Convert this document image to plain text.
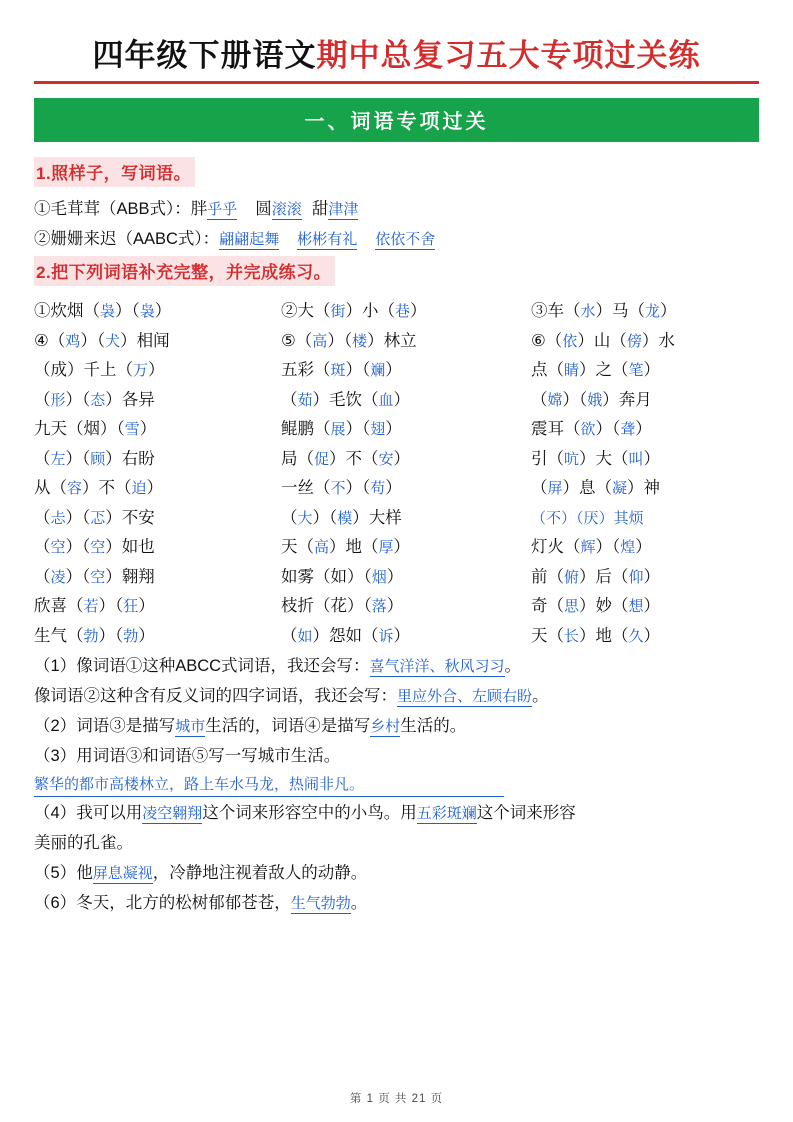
四年级下册语文期中总复习五大专项过关练
一、词语专项过关
1.照样子，写词语。
①毛茸茸（ABB式）：胖乎乎 圆滚滚 甜津津
②姗姗来迟（AABC式）：翩翩起舞 彬彬有礼 依依不舍
2.把下列词语补充完整，并完成练习。
①炊烟（袅）（袅）	②大（街）小（巷）	③车（水）马（龙）
④（鸡）（犬）相闻	⑤（高）（楼）林立	⑥（依）山（傍）水
（成）千上（万）	五彩（斑）（斓）	点（睛）之（笔）
（形）（态）各异	（茹）毛饮（血）	（嫦）（娥）奔月
九天（烟）（雪）	鲲鹏（展）（翅）	震耳（欲）（聋）
（左）（顾）右盼	局（促）不（安）	引（吭）大（叫）
从（容）不（迫）	一丝（不）（苟）	（屏）息（凝）神
（忐）（忑）不安	（大）（模）大样	（不）（厌）其烦
（空）（空）如也	天（高）地（厚）	灯火（辉）（煌）
（凌）（空）翱翔	如雾（如）（烟）	前（俯）后（仰）
欣喜（若）（狂）	枝折（花）（落）	奇（思）妙（想）
生气（勃）（勃）	（如）怨如（诉）	天（长）地（久）
（1）像词语①这种ABCC式词语，我还会写：喜气洋洋、秋风习习。
像词语②这种含有反义词的四字词语，我还会写：里应外合、左顾右盼。
（2）词语③是描写城市生活的，词语④是描写乡村生活的。
（3）用词语③和词语⑤写一写城市生活。
繁华的都市高楼林立，路上车水马龙，热闹非凡。
（4）我可以用凌空翱翔这个词来形容空中的小鸟。用五彩斑斓这个词来形容
美丽的孔雀。
（5）他屏息凝视，冷静地注视着敌人的动静。
（6）冬天，北方的松树郁郁苍苍，生气勃勃。
第 1 页 共 21 页
